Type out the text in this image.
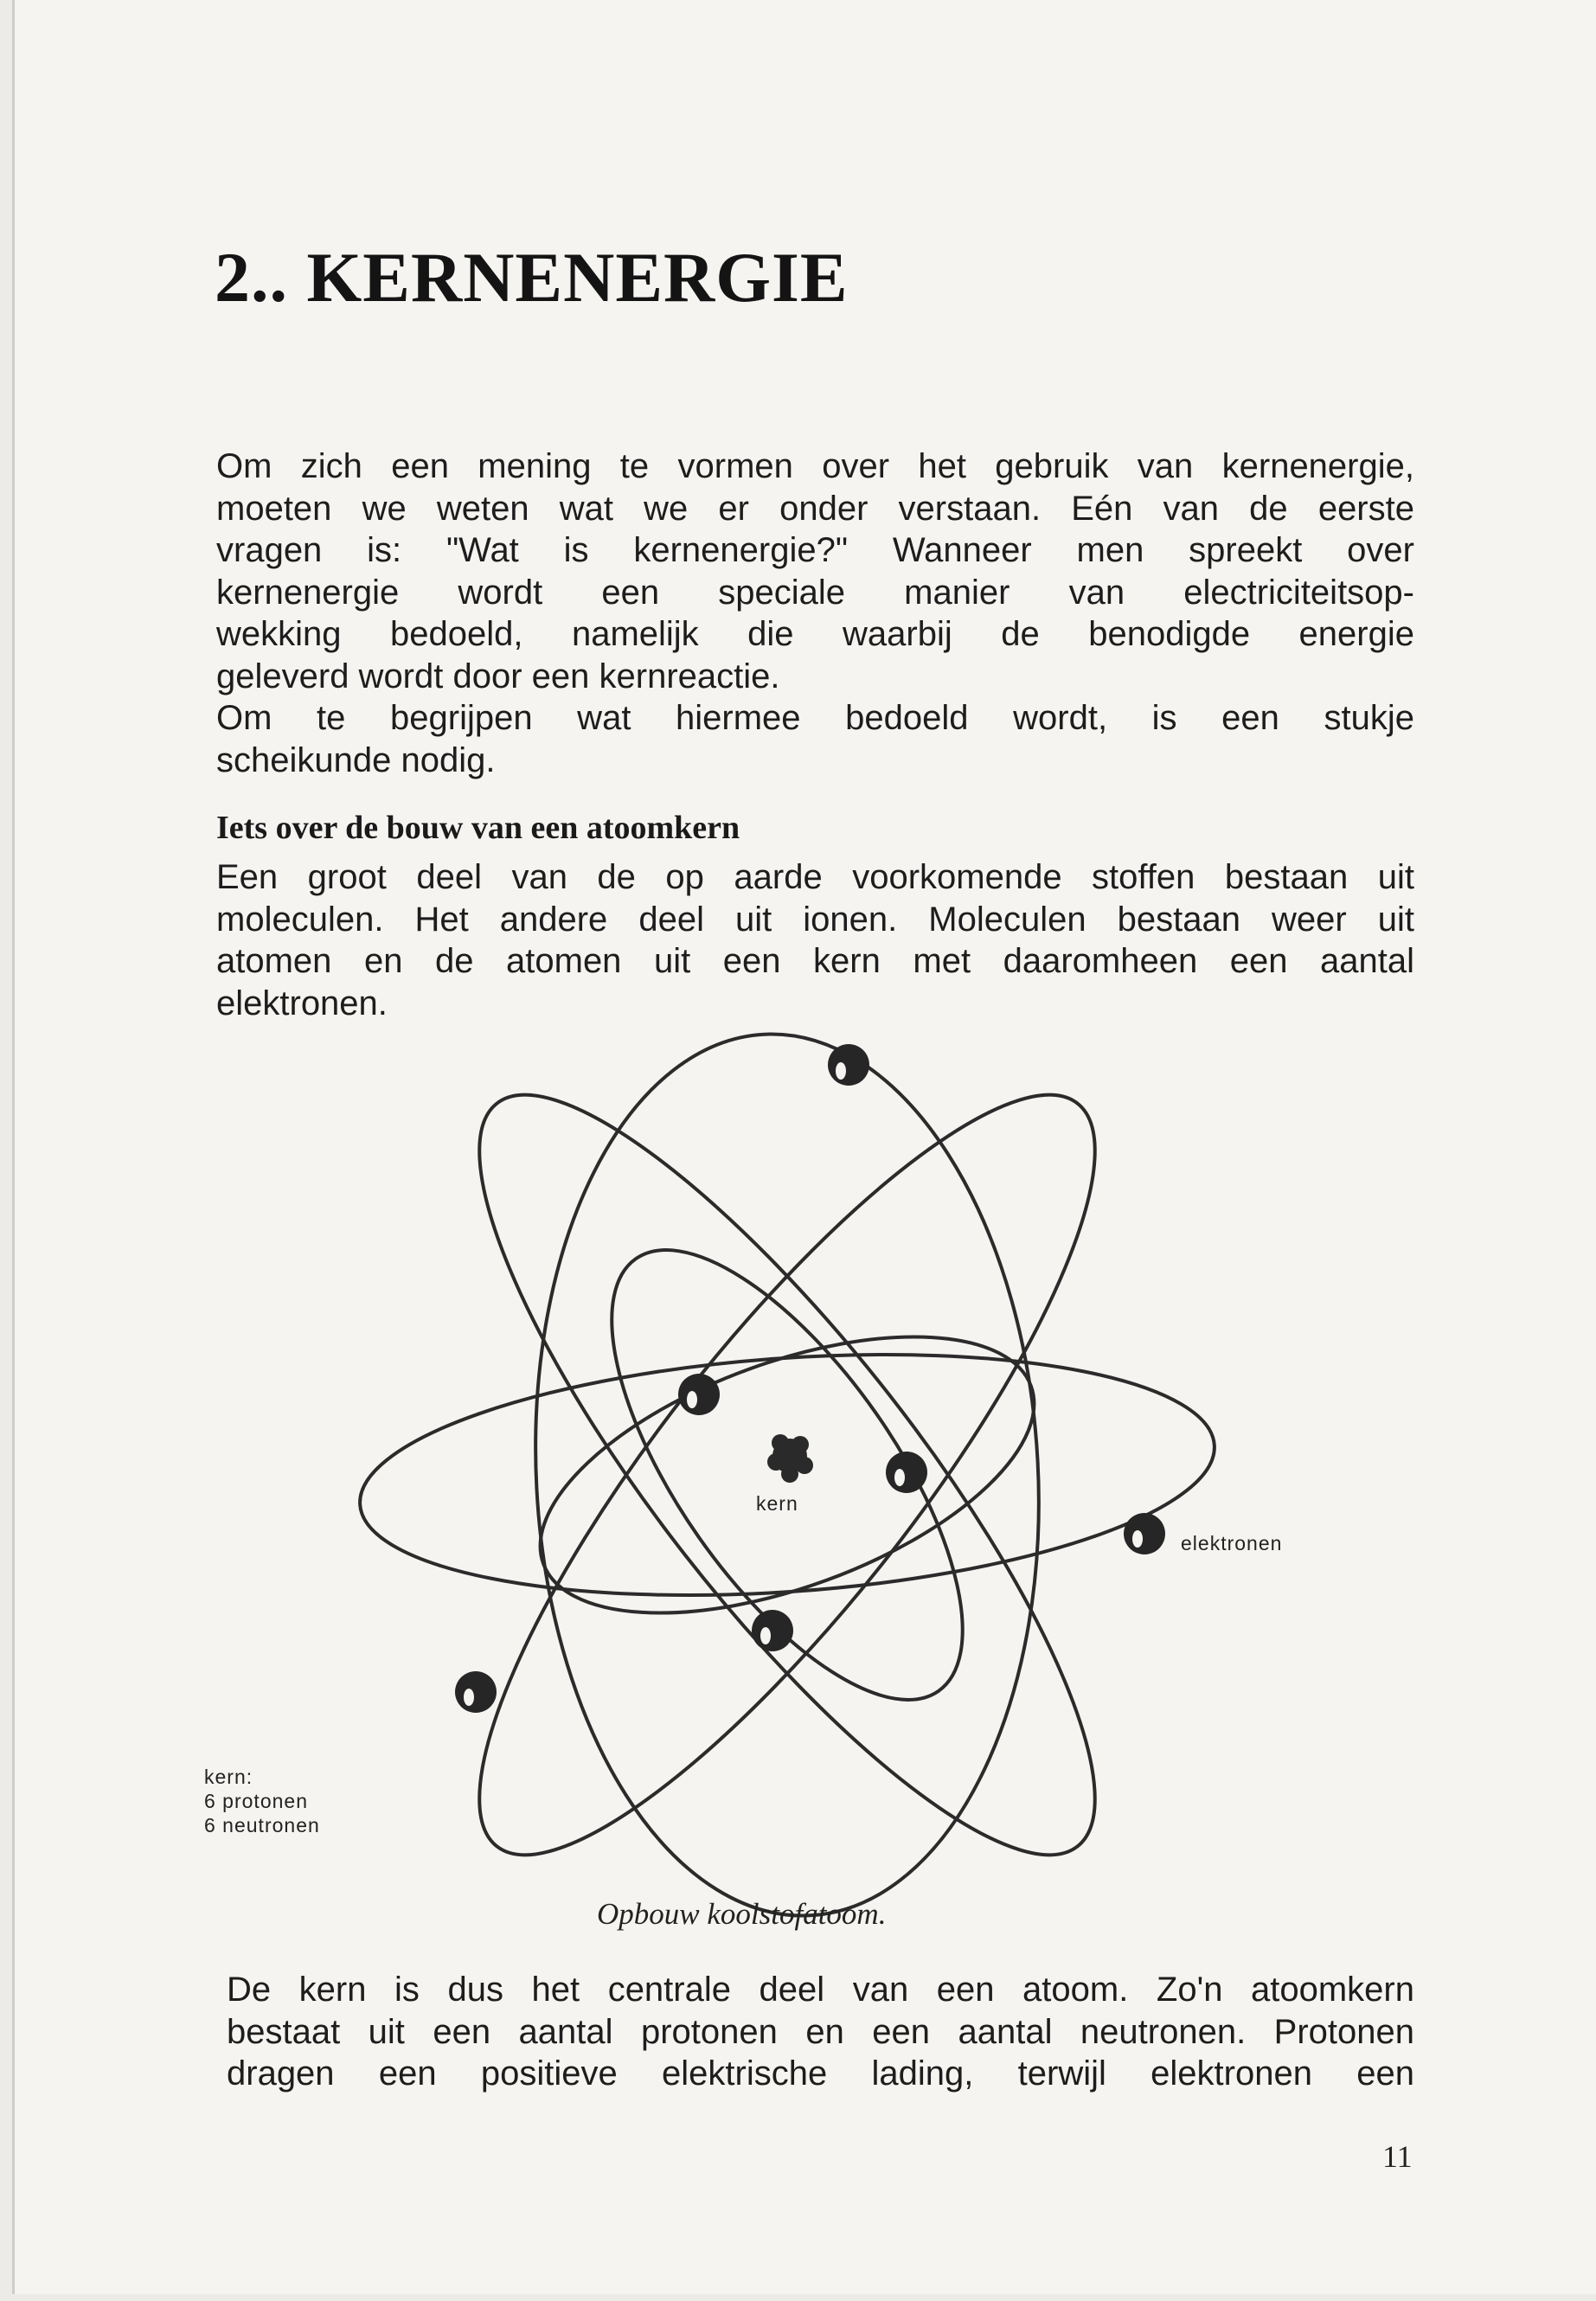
2.. KERNENERGIE
Om zich een mening te vormen over het gebruik van kernenergie,
moeten we weten wat we er onder verstaan. Eén van de eerste
vragen is: "Wat is kernenergie?" Wanneer men spreekt over
kernenergie wordt een speciale manier van electriciteitsop-
wekking bedoeld, namelijk die waarbij de benodigde energie
geleverd wordt door een kernreactie.
Om te begrijpen wat hiermee bedoeld wordt, is een stukje
scheikunde nodig.
Iets over de bouw van een atoomkern
Een groot deel van de op aarde voorkomende stoffen bestaan uit
moleculen. Het andere deel uit ionen. Moleculen bestaan weer uit
atomen en de atomen uit een kern met daaromheen een aantal
elektronen.
kern
elektronen
kern:
6 protonen
6 neutronen
Opbouw koolstofatoom.
De kern is dus het centrale deel van een atoom. Zo'n atoomkern
bestaat uit een aantal protonen en een aantal neutronen. Protonen
dragen een positieve elektrische lading, terwijl elektronen een
11
